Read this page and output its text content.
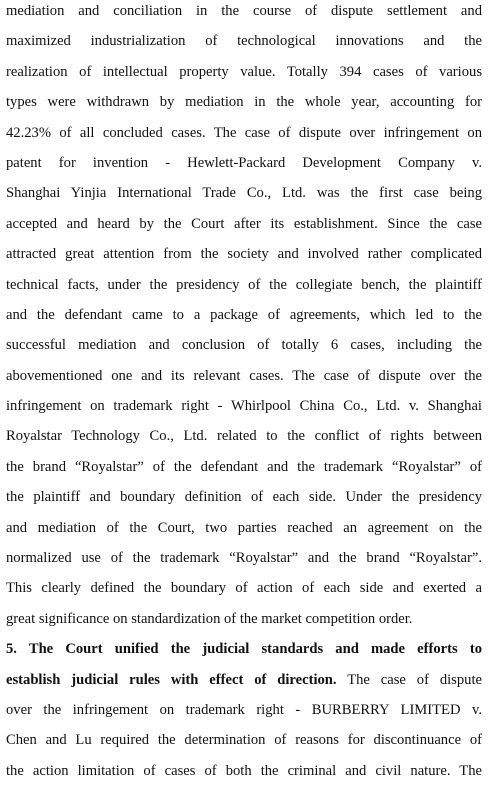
mediation and conciliation in the course of dispute settlement and
maximized industrialization of technological innovations and the
realization of intellectual property value. Totally 394 cases of various
types were withdrawn by mediation in the whole year, accounting for
42.23% of all concluded cases. The case of dispute over infringement on
patent for invention - Hewlett-Packard Development Company v.
Shanghai Yinjia International Trade Co., Ltd. was the first case being
accepted and heard by the Court after its establishment. Since the case
attracted great attention from the society and involved rather complicated
technical facts, under the presidency of the collegiate bench, the plaintiff
and the defendant came to a package of agreements, which led to the
successful mediation and conclusion of totally 6 cases, including the
abovementioned one and its relevant cases. The case of dispute over the
infringement on trademark right - Whirlpool China Co., Ltd. v. Shanghai
Royalstar Technology Co., Ltd. related to the conflict of rights between
the brand “Royalstar” of the defendant and the trademark “Royalstar” of
the plaintiff and boundary definition of each side. Under the presidency
and mediation of the Court, two parties reached an agreement on the
normalized use of the trademark “Royalstar” and the brand “Royalstar”.
This clearly defined the boundary of action of each side and exerted a
great significance on standardization of the market competition order.
5. The Court unified the judicial standards and made efforts to
establish judicial rules with effect of direction. The case of dispute
over the infringement on trademark right - BURBERRY LIMITED v.
Chen and Lu required the determination of reasons for discontinuance of
the action limitation of cases of both the criminal and civil nature. The
